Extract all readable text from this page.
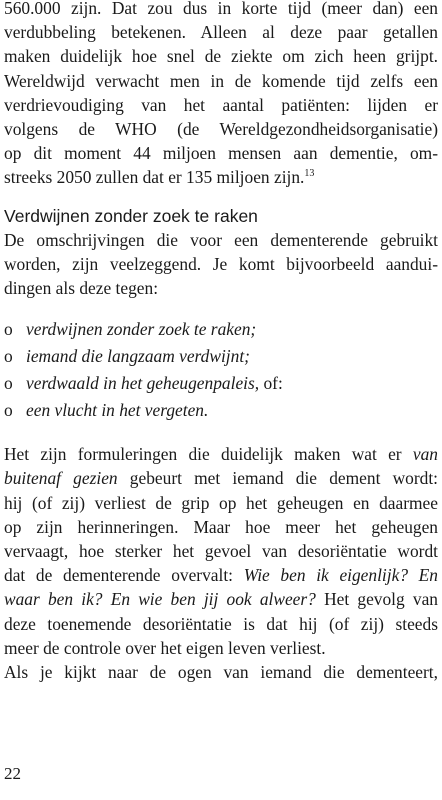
560.000 zijn. Dat zou dus in korte tijd (meer dan) een
verdubbeling betekenen. Alleen al deze paar getallen
maken duidelijk hoe snel de ziekte om zich heen grijpt.
Wereldwijd verwacht men in de komende tijd zelfs een
verdrievoudiging van het aantal patiënten: lijden er
volgens de WHO (de Wereldgezondheidsorganisatie)
op dit moment 44 miljoen mensen aan dementie, om-
streeks 2050 zullen dat er 135 miljoen zijn.$^{13}$
Verdwijnen zonder zoek te raken
De omschrijvingen die voor een dementerende gebruikt
worden, zijn veelzeggend. Je komt bijvoorbeeld aandui-
dingen als deze tegen:
o verdwijnen zonder zoek te raken;
o iemand die langzaam verdwijnt;
o verdwaald in het geheugenpaleis, of:
o een vlucht in het vergeten.
Het zijn formuleringen die duidelijk maken wat er van
buitenaf gezien gebeurt met iemand die dement wordt:
hij (of zij) verliest de grip op het geheugen en daarmee
op zijn herinneringen. Maar hoe meer het geheugen
vervaagt, hoe sterker het gevoel van desoriëntatie wordt
dat de dementerende overvalt: Wie ben ik eigenlijk? En
waar ben ik? En wie ben jij ook alweer? Het gevolg van
deze toenemende desoriëntatie is dat hij (of zij) steeds
meer de controle over het eigen leven verliest.
Als je kijkt naar de ogen van iemand die dementeert,
22
